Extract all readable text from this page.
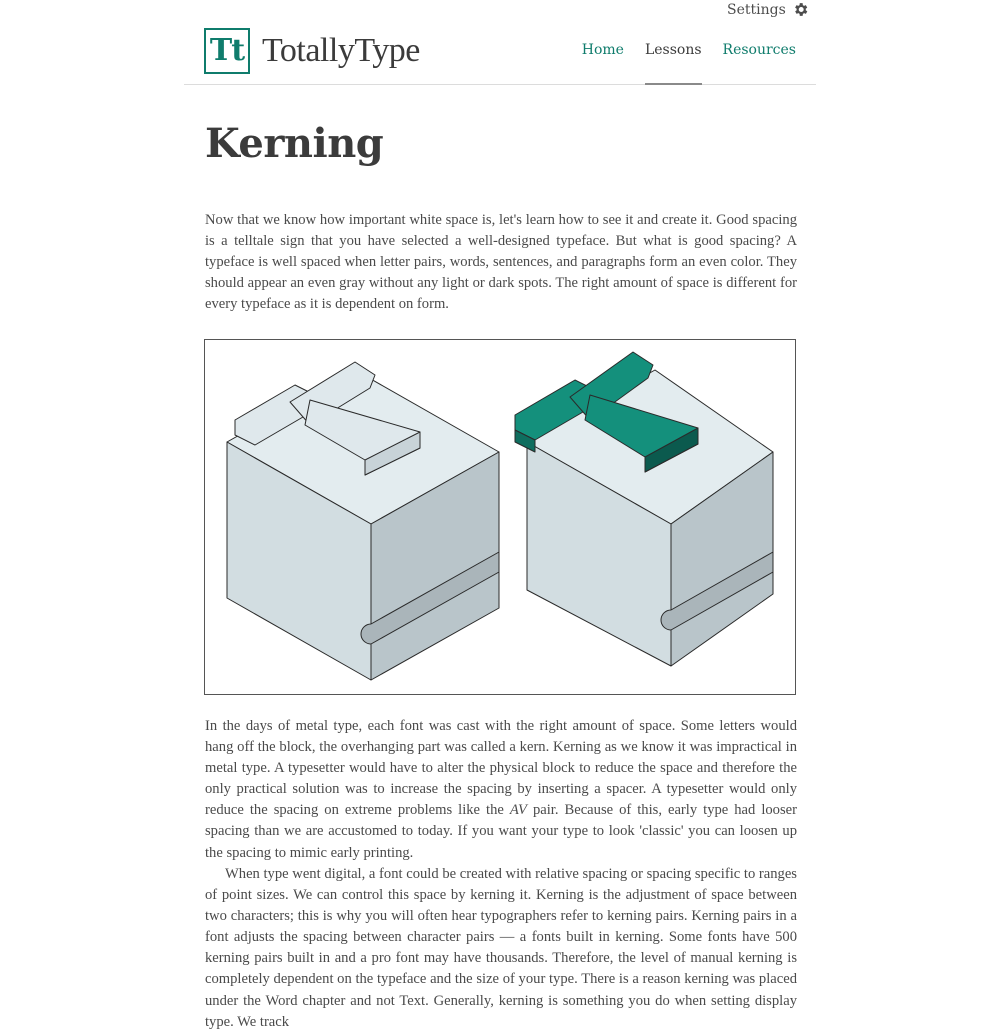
Settings
Tt TotallyType	Home Lessons Resources
Kerning

Now that we know how important white space is, let's learn how to see it and create it. Good spacing is a telltale sign that you have selected a well-designed typeface. But what is good spacing? A typeface is well spaced when letter pairs, words, sentences, and paragraphs form an even color. They should appear an even gray without any light or dark spots. The right amount of space is different for every typeface as it is dependent on form.

In the days of metal type, each font was cast with the right amount of space. Some letters would hang off the block, the overhanging part was called a kern. Kerning as we know it was impractical in metal type. A typesetter would have to alter the physical block to reduce the space and therefore the only practical solution was to increase the spacing by inserting a spacer. A typesetter would only reduce the spacing on extreme problems like the AV pair. Because of this, early type had looser spacing than we are accustomed to today. If you want your type to look 'classic' you can loosen up the spacing to mimic early printing.

When type went digital, a font could be created with relative spacing or spacing specific to ranges of point sizes. We can control this space by kerning it. Kerning is the adjustment of space between two characters; this is why you will often hear typographers refer to kerning pairs. Kerning pairs in a font adjusts the spacing between character pairs — a fonts built in kerning. Some fonts have 500 kerning pairs built in and a pro font may have thousands. Therefore, the level of manual kerning is completely dependent on the typeface and the size of your type. There is a reason kerning was placed under the Word chapter and not Text. Generally, kerning is something you do when setting display type. We track
